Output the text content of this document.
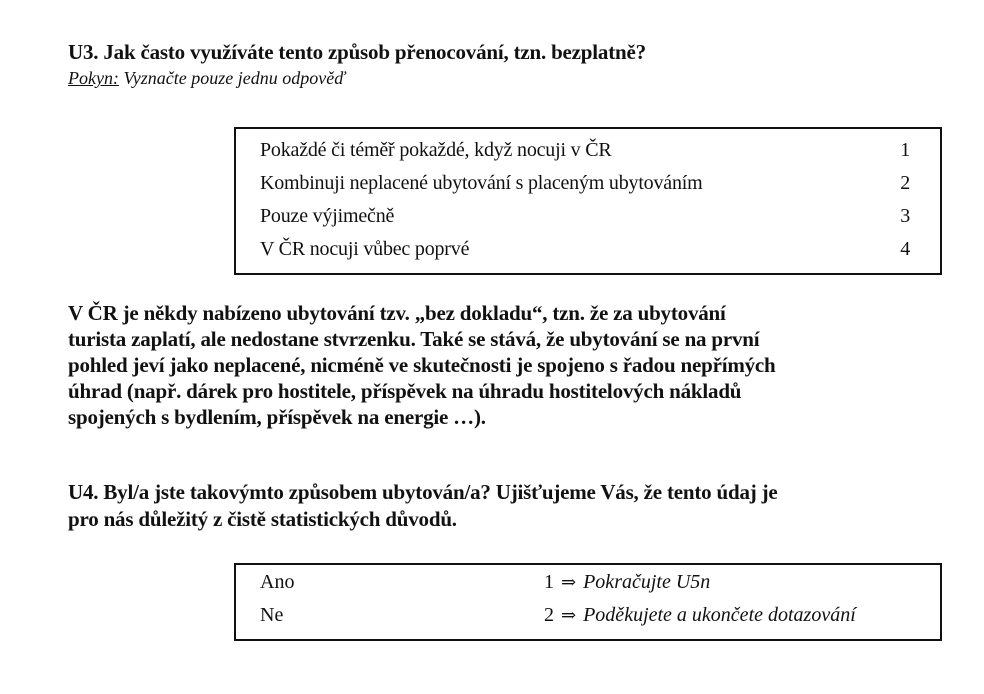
U3. Jak často využíváte tento způsob přenocování, tzn. bezplatně?
Pokyn: Vyznačte pouze jednu odpověď
Pokaždé či téměř pokaždé, když nocuji v ČR	1
Kombinuji neplacené ubytování s placeným ubytováním	2
Pouze výjimečně	3
V ČR nocuji vůbec poprvé	4
V ČR je někdy nabízeno ubytování tzv. „bez dokladu“, tzn. že za ubytování
turista zaplatí, ale nedostane stvrzenku. Také se stává, že ubytování se na první
pohled jeví jako neplacené, nicméně ve skutečnosti je spojeno s řadou nepřímých
úhrad (např. dárek pro hostitele, příspěvek na úhradu hostitelových nákladů
spojených s bydlením, příspěvek na energie …).
U4. Byl/a jste takovýmto způsobem ubytován/a? Ujišťujeme Vás, že tento údaj je
pro nás důležitý z čistě statistických důvodů.
Ano	1 ⇒ Pokračujte U5n
Ne	2 ⇒ Poděkujete a ukončete dotazování
